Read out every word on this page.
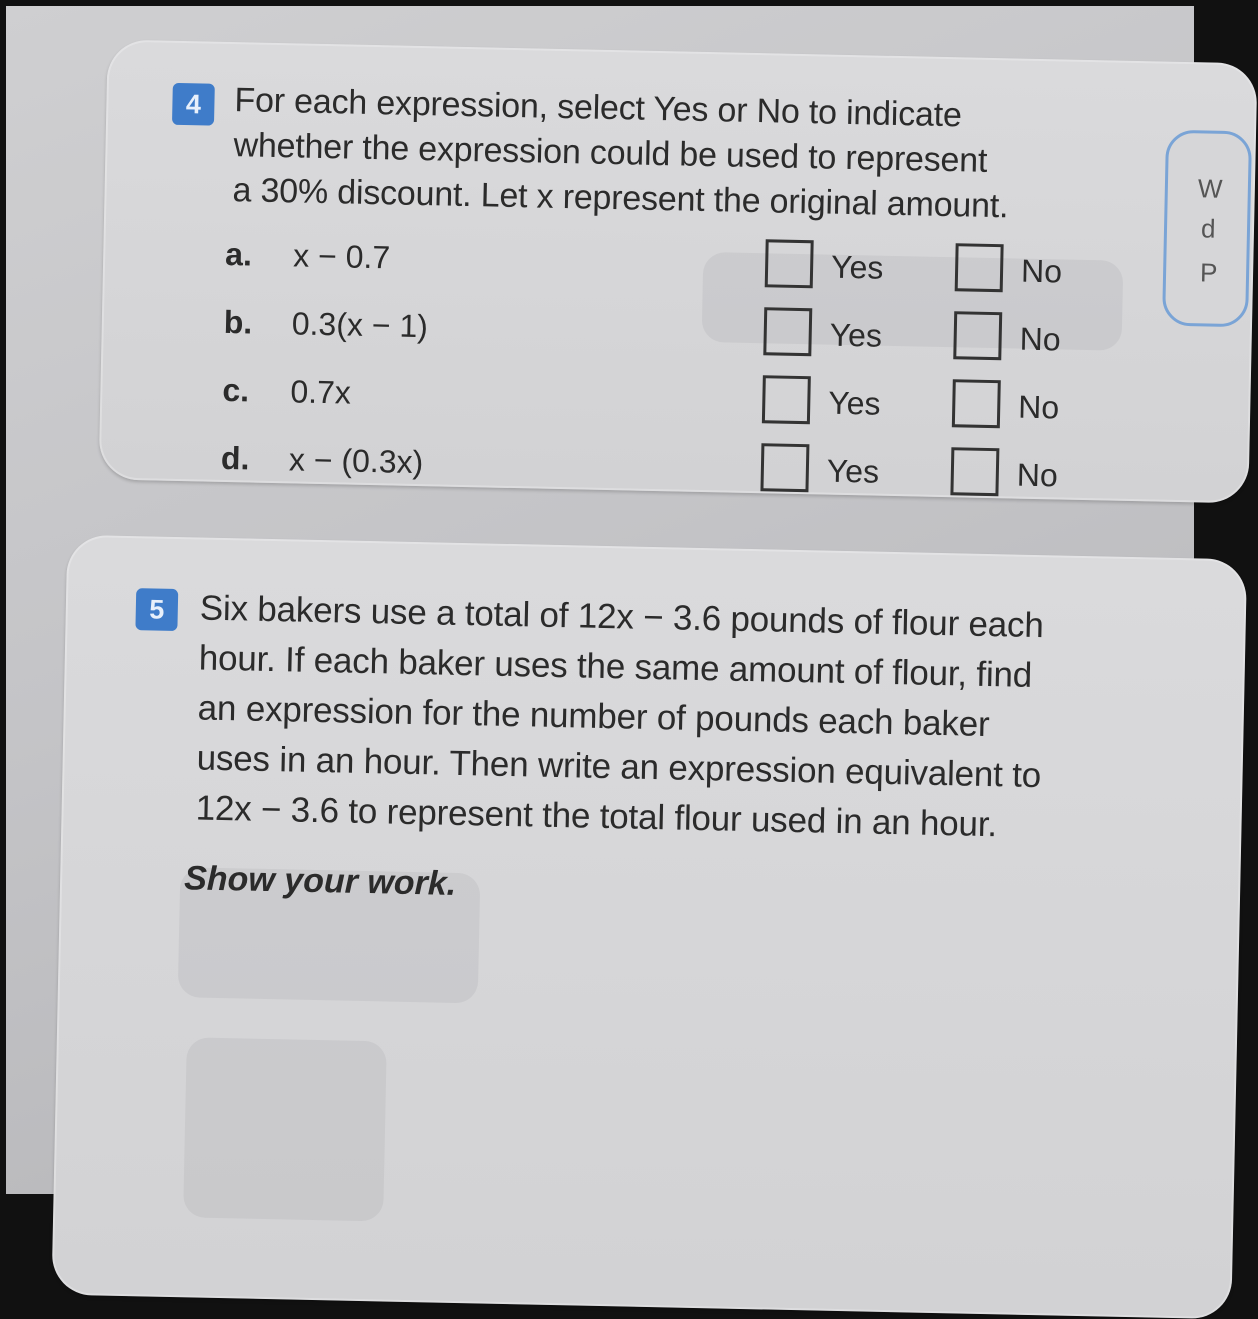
4 For each expression, select Yes or No to indicate

whether the expression could be used to represent

a 30% discount. Let x represent the original amount.

a. x − 0.7	Yes	No
b. 0.3(x − 1)	Yes	No
c. 0.7x	Yes	No
d. x − (0.3x)	Yes	No
W
d
P
5 Six bakers use a total of 12x − 3.6 pounds of flour each

hour. If each baker uses the same amount of flour, find

an expression for the number of pounds each baker

uses in an hour. Then write an expression equivalent to

12x − 3.6 to represent the total flour used in an hour.

Show your work.
